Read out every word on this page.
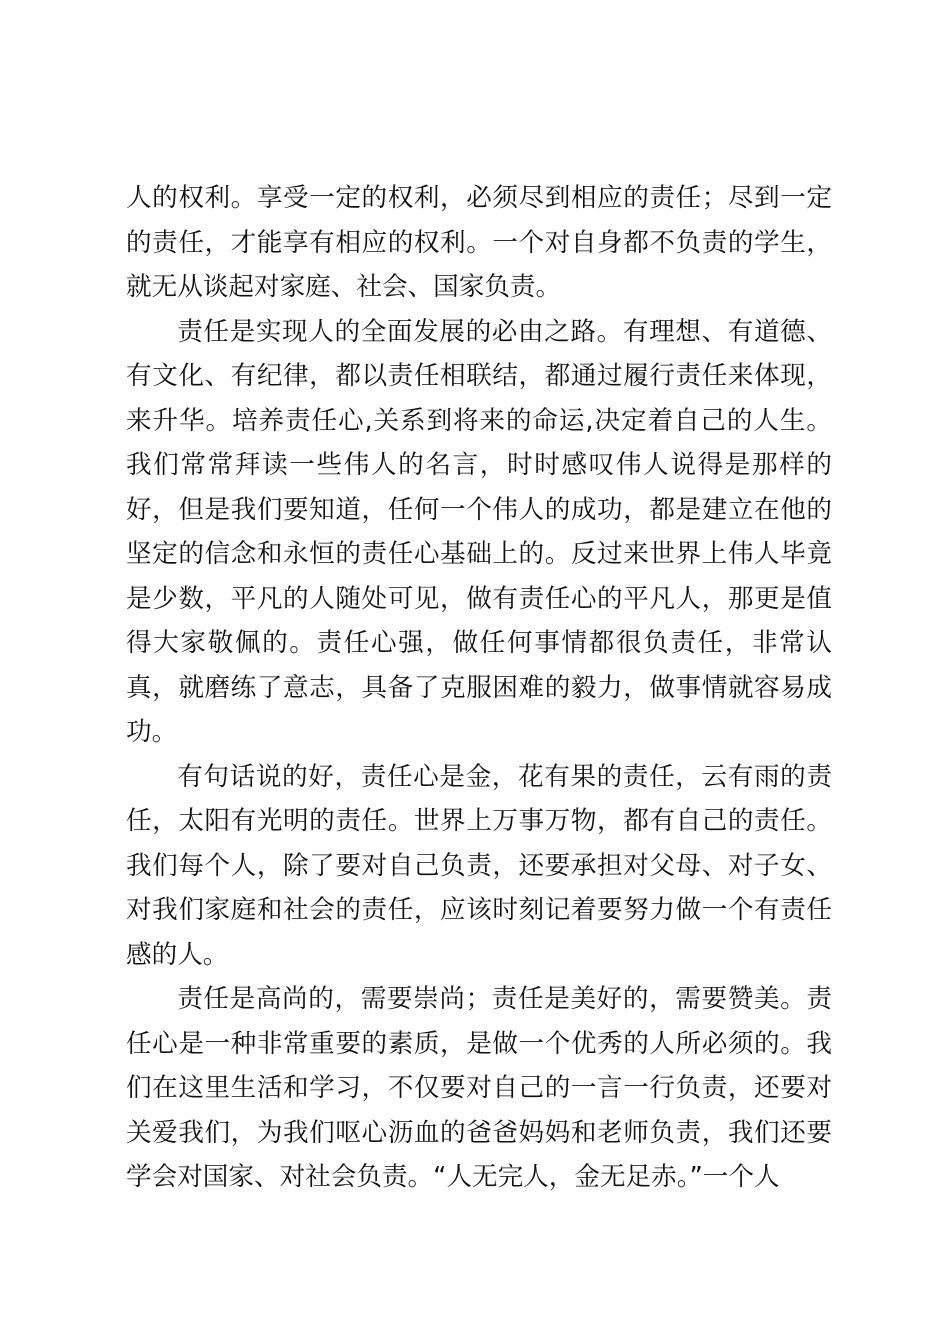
人的权利。享受一定的权利，必须尽到相应的责任；尽到一定的责任，才能享有相应的权利。一个对自身都不负责的学生，就无从谈起对家庭、社会、国家负责。

责任是实现人的全面发展的必由之路。有理想、有道德、有文化、有纪律，都以责任相联结，都通过履行责任来体现，来升华。培养责任心,关系到将来的命运,决定着自己的人生。我们常常拜读一些伟人的名言，时时感叹伟人说得是那样的好，但是我们要知道，任何一个伟人的成功，都是建立在他的坚定的信念和永恒的责任心基础上的。反过来世界上伟人毕竟是少数，平凡的人随处可见，做有责任心的平凡人，那更是值得大家敬佩的。责任心强，做任何事情都很负责任，非常认真，就磨练了意志，具备了克服困难的毅力，做事情就容易成功。

有句话说的好，责任心是金，花有果的责任，云有雨的责任，太阳有光明的责任。世界上万事万物，都有自己的责任。我们每个人，除了要对自己负责，还要承担对父母、对子女、对我们家庭和社会的责任，应该时刻记着要努力做一个有责任感的人。

责任是高尚的，需要崇尚；责任是美好的，需要赞美。责任心是一种非常重要的素质，是做一个优秀的人所必须的。我们在这里生活和学习，不仅要对自己的一言一行负责，还要对关爱我们，为我们呕心沥血的爸爸妈妈和老师负责，我们还要学会对国家、对社会负责。“人无完人，金无足赤。”一个人
